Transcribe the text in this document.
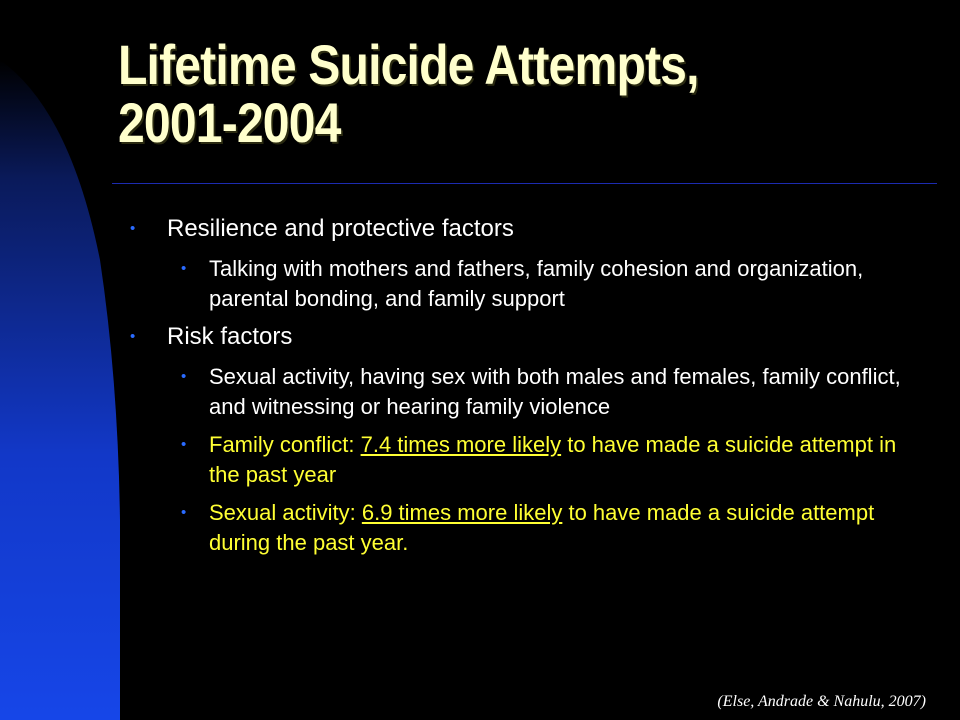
Lifetime Suicide Attempts,
2001-2004
• Resilience and protective factors
• Talking with mothers and fathers, family cohesion and organization, parental bonding, and family support
• Risk factors
• Sexual activity, having sex with both males and females, family conflict, and witnessing or hearing family violence
• Family conflict: 7.4 times more likely to have made a suicide attempt in the past year
• Sexual activity: 6.9 times more likely to have made a suicide attempt during the past year.
(Else, Andrade & Nahulu, 2007)
